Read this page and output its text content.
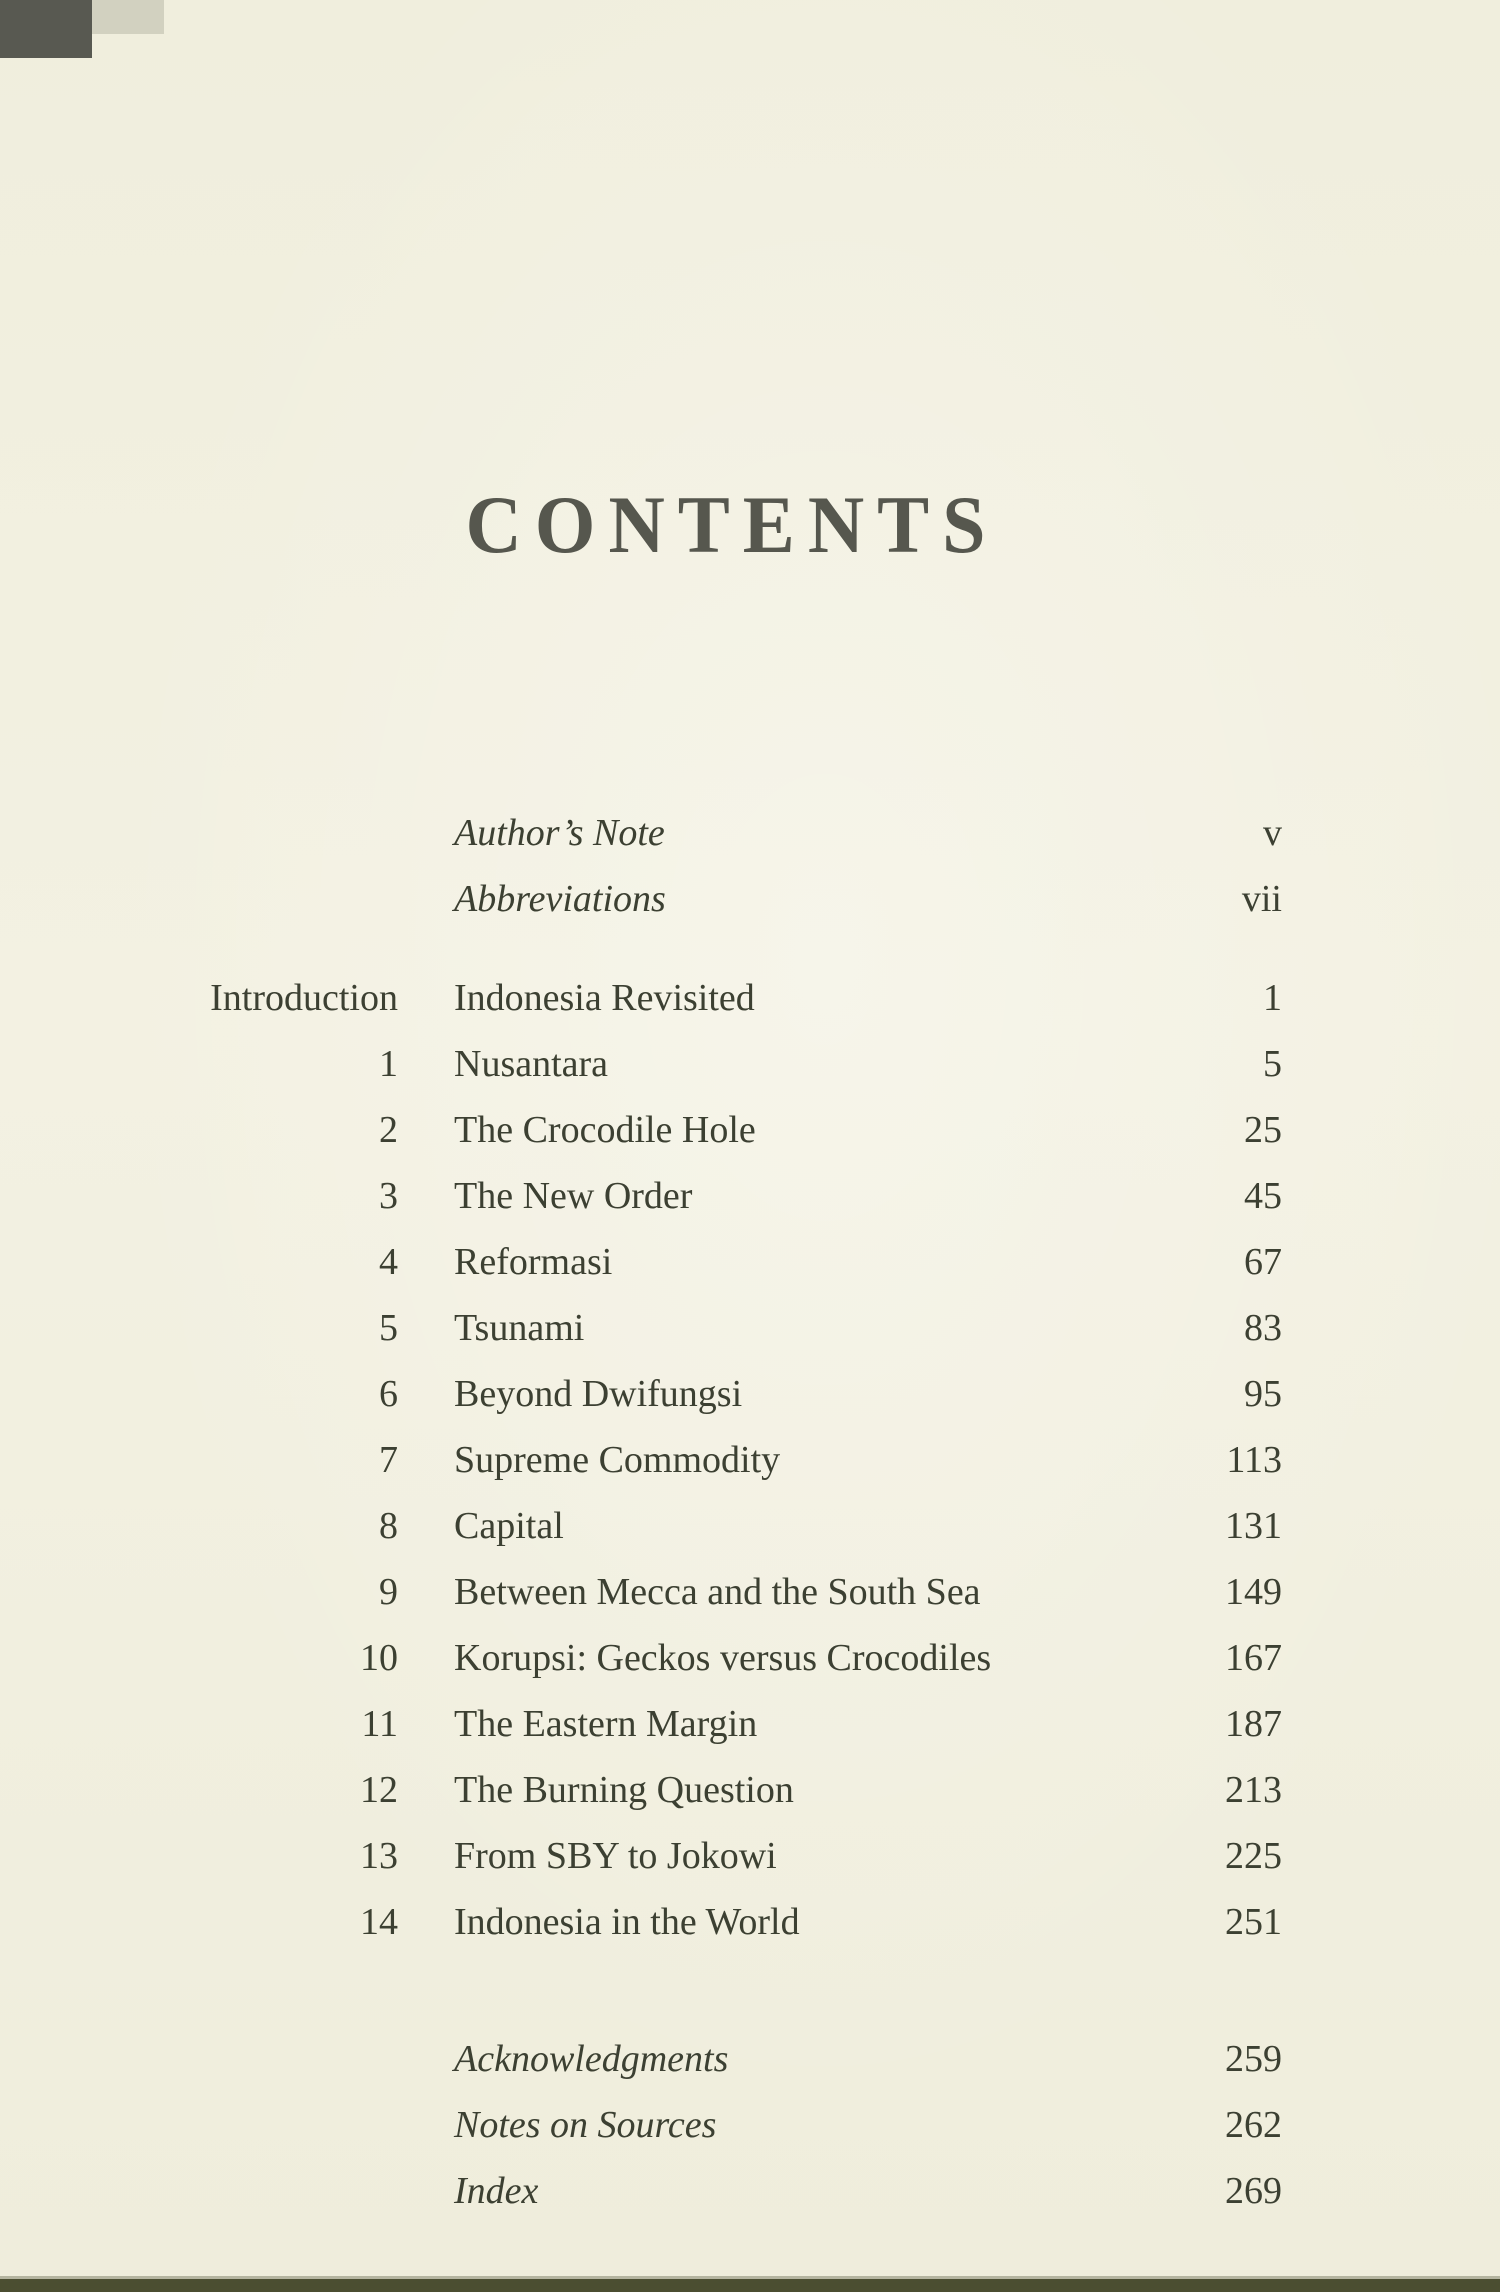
CONTENTS
Author’s Note	v
Abbreviations	vii
Introduction Indonesia Revisited	1
1 Nusantara	5
2 The Crocodile Hole	25
3 The New Order	45
4 Reformasi	67
5 Tsunami	83
6 Beyond Dwifungsi	95
7 Supreme Commodity	113
8 Capital	131
9 Between Mecca and the South Sea	149
10 Korupsi: Geckos versus Crocodiles	167
11 The Eastern Margin	187
12 The Burning Question	213
13 From SBY to Jokowi	225
14 Indonesia in the World	251
Acknowledgments	259
Notes on Sources	262
Index	269
